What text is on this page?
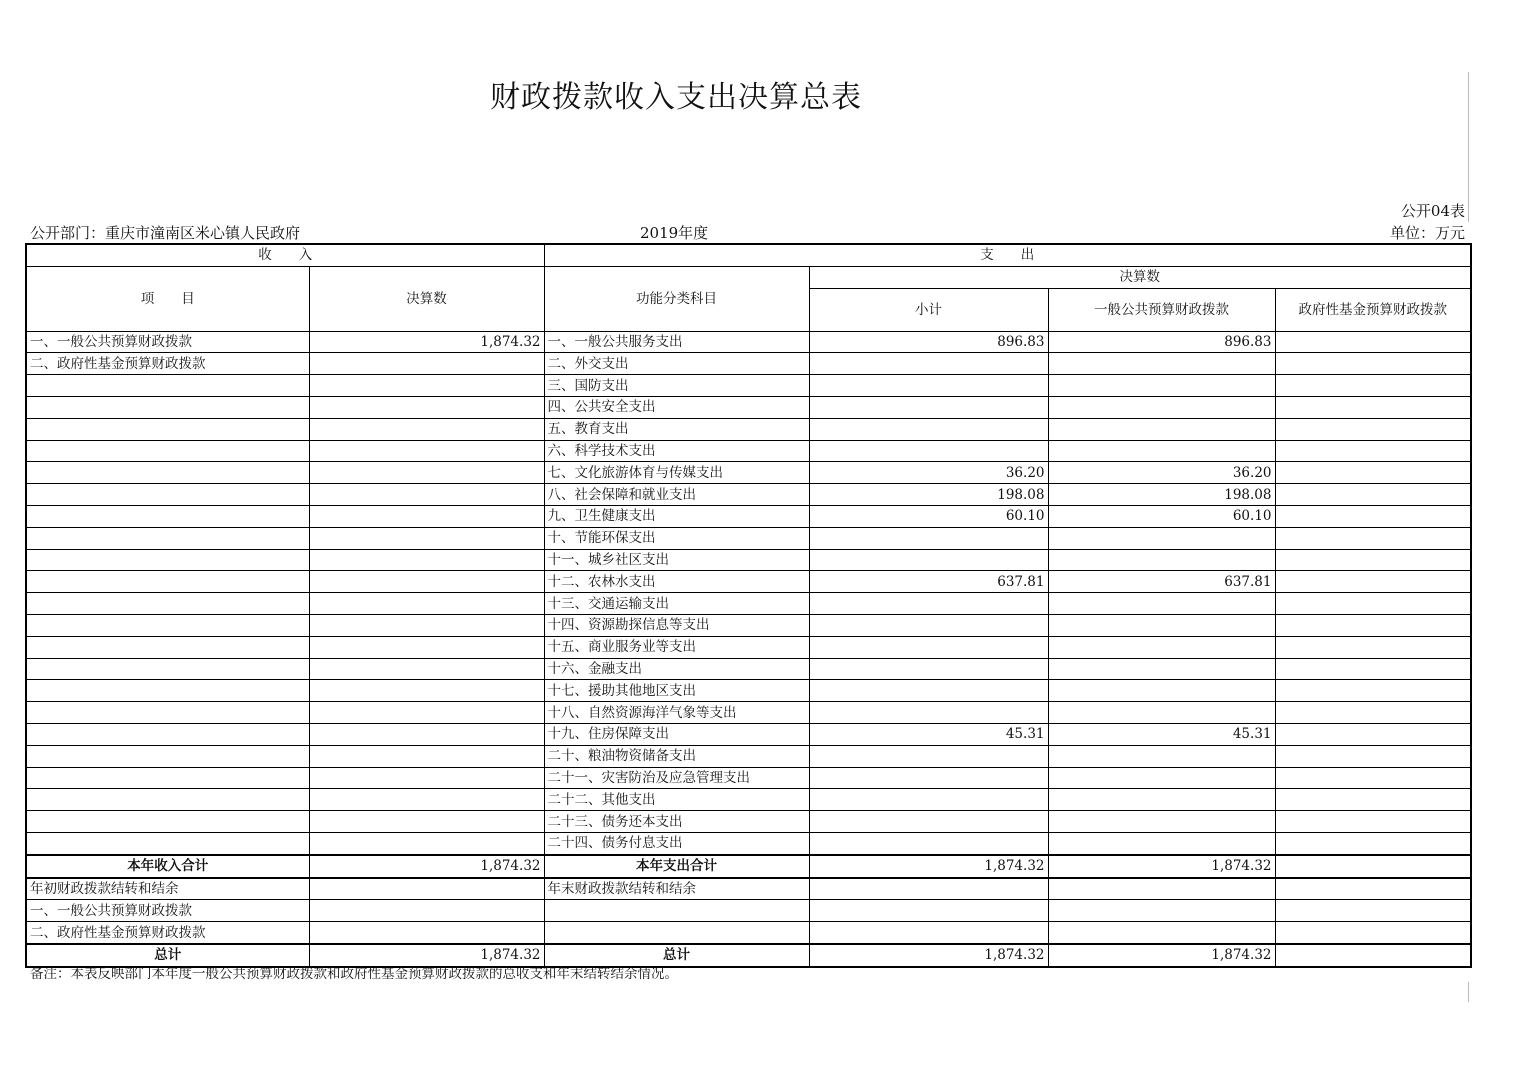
财政拨款收入支出决算总表
公开04表
公开部门：重庆市潼南区米心镇人民政府	2019年度	单位：万元
收　　入		支　　出			
项　　目	决算数	功能分类科目	决算数		
			小计	一般公共预算财政拨款	政府性基金预算财政拨款
一、一般公共预算财政拨款	1,874.32	一、一般公共服务支出	896.83	896.83	
二、政府性基金预算财政拨款		二、外交支出			
		三、国防支出			
		四、公共安全支出			
		五、教育支出			
		六、科学技术支出			
		七、文化旅游体育与传媒支出	36.20	36.20	
		八、社会保障和就业支出	198.08	198.08	
		九、卫生健康支出	60.10	60.10	
		十、节能环保支出			
		十一、城乡社区支出			
		十二、农林水支出	637.81	637.81	
		十三、交通运输支出			
		十四、资源勘探信息等支出			
		十五、商业服务业等支出			
		十六、金融支出			
		十七、援助其他地区支出			
		十八、自然资源海洋气象等支出			
		十九、住房保障支出	45.31	45.31	
		二十、粮油物资储备支出			
		二十一、灾害防治及应急管理支出			
		二十二、其他支出			
		二十三、债务还本支出			
		二十四、债务付息支出			
本年收入合计	1,874.32	本年支出合计	1,874.32	1,874.32	
年初财政拨款结转和结余		年末财政拨款结转和结余			
一、一般公共预算财政拨款					
二、政府性基金预算财政拨款					
总计	1,874.32	总计	1,874.32	1,874.32	
备注：本表反映部门本年度一般公共预算财政拨款和政府性基金预算财政拨款的总收支和年末结转结余情况。
